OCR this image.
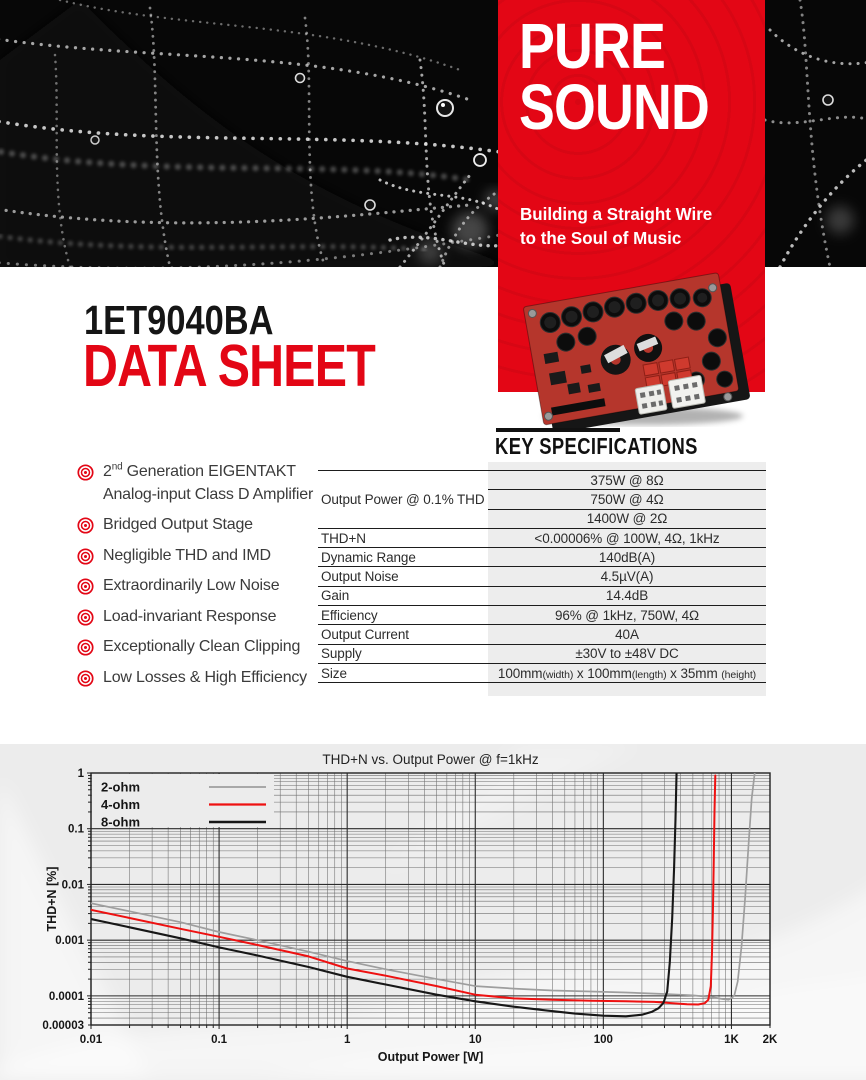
PURE
SOUND
Building a Straight Wire
to the Soul of Music
1ET9040BA
DATA SHEET
KEY SPECIFICATIONS
2nd Generation EIGENTAKT Analog-input Class D Amplifier
Bridged Output Stage
Negligible THD and IMD
Extraordinarily Low Noise
Load-invariant Response
Exceptionally Clean Clipping
Low Losses & High Efficiency
Output Power @ 0.1% THD	375W @ 8Ω
	750W @ 4Ω
	1400W @ 2Ω
THD+N	<0.00006% @ 100W, 4Ω, 1kHz
Dynamic Range	140dB(A)
Output Noise	4.5µV(A)
Gain	14.4dB
Efficiency	96% @ 1kHz, 750W, 4Ω
Output Current	40A
Supply	±30V to ±48V DC
Size	100mm(width) x 100mm(length) x 35mm (height)
THD+N vs. Output Power @ f=1kHz
0.01	0.1	1	10	100	1K 2K
1
0.1
0.01
0.001
0.0001
0.00003
Output Power [W]
THD+N [%]
2-ohm
4-ohm
8-ohm
